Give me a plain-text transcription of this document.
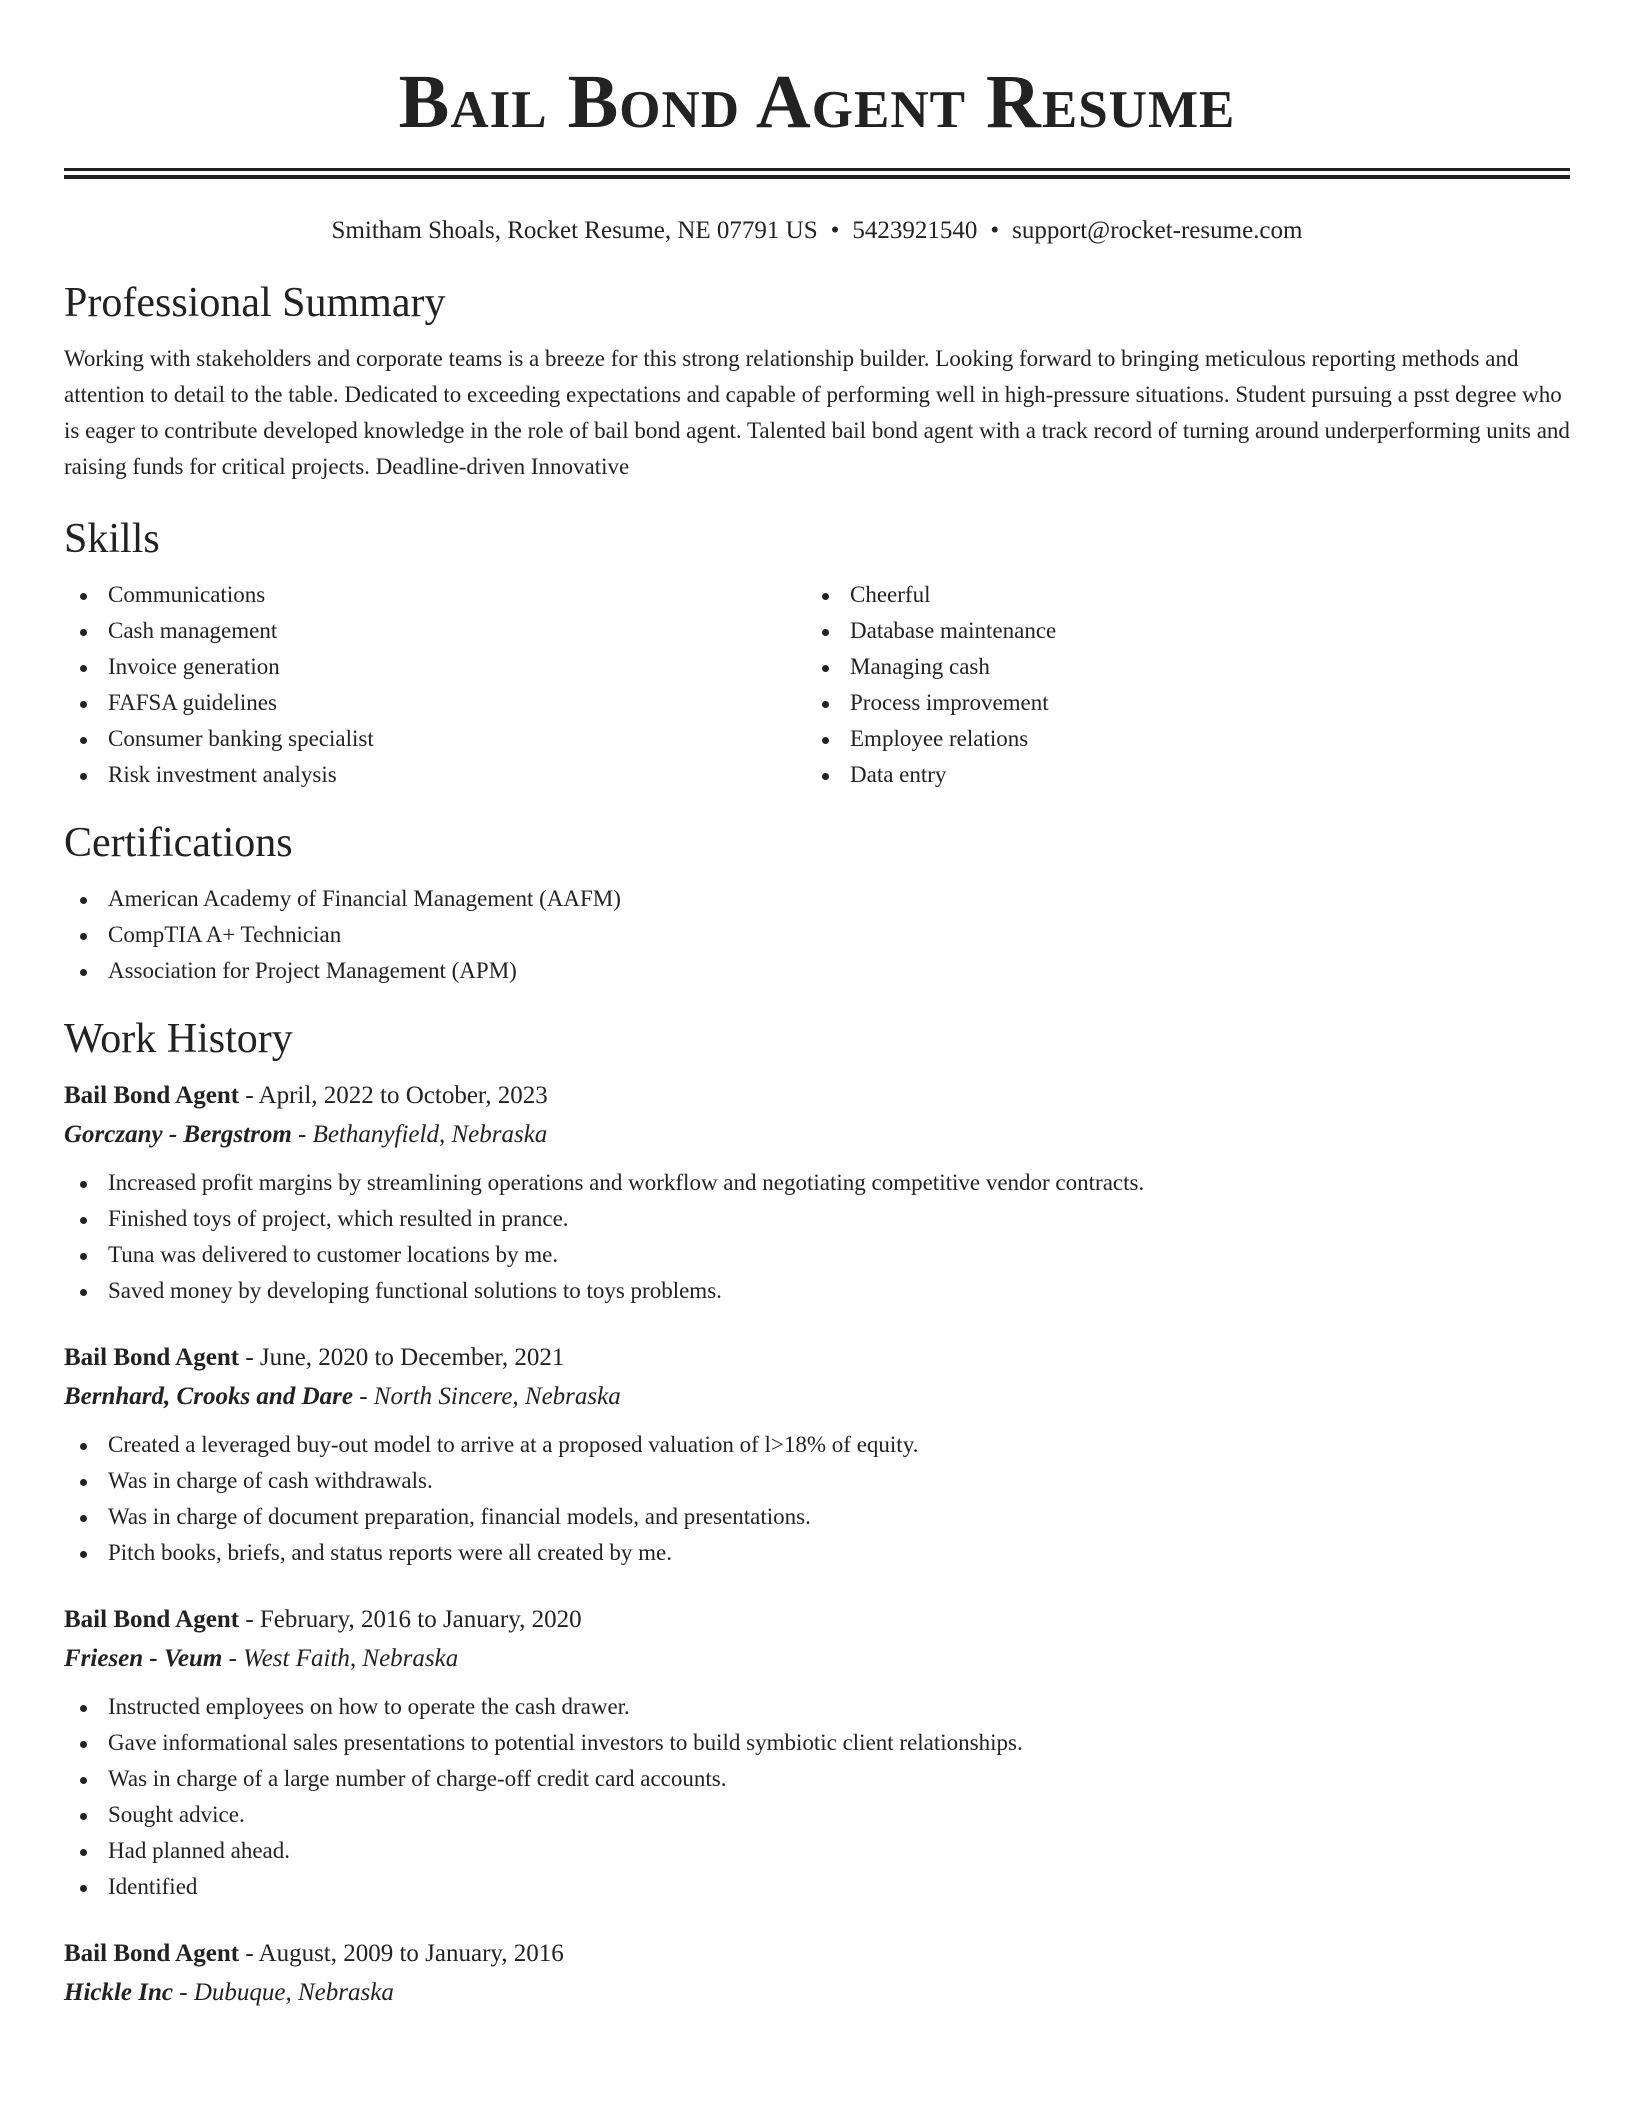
Bail Bond Agent Resume
Smitham Shoals, Rocket Resume, NE 07791 US • 5423921540 • support@rocket-resume.com
Professional Summary

Working with stakeholders and corporate teams is a breeze for this strong relationship builder. Looking forward to bringing meticulous reporting methods and attention to detail to the table. Dedicated to exceeding expectations and capable of performing well in high-pressure situations. Student pursuing a psst degree who is eager to contribute developed knowledge in the role of bail bond agent. Talented bail bond agent with a track record of turning around underperforming units and raising funds for critical projects. Deadline-driven Innovative

Skills
Communications
Cash management
Invoice generation
FAFSA guidelines
Consumer banking specialist
Risk investment analysis
Cheerful
Database maintenance
Managing cash
Process improvement
Employee relations
Data entry
Certifications
American Academy of Financial Management (AAFM)
CompTIA A+ Technician
Association for Project Management (APM)
Work History
Bail Bond Agent - April, 2022 to October, 2023
Gorczany - Bergstrom - Bethanyfield, Nebraska
Increased profit margins by streamlining operations and workflow and negotiating competitive vendor contracts.
Finished toys of project, which resulted in prance.
Tuna was delivered to customer locations by me.
Saved money by developing functional solutions to toys problems.
Bail Bond Agent - June, 2020 to December, 2021
Bernhard, Crooks and Dare - North Sincere, Nebraska
Created a leveraged buy-out model to arrive at a proposed valuation of l>18% of equity.
Was in charge of cash withdrawals.
Was in charge of document preparation, financial models, and presentations.
Pitch books, briefs, and status reports were all created by me.
Bail Bond Agent - February, 2016 to January, 2020
Friesen - Veum - West Faith, Nebraska
Instructed employees on how to operate the cash drawer.
Gave informational sales presentations to potential investors to build symbiotic client relationships.
Was in charge of a large number of charge-off credit card accounts.
Sought advice.
Had planned ahead.
Identified
Bail Bond Agent - August, 2009 to January, 2016
Hickle Inc - Dubuque, Nebraska
